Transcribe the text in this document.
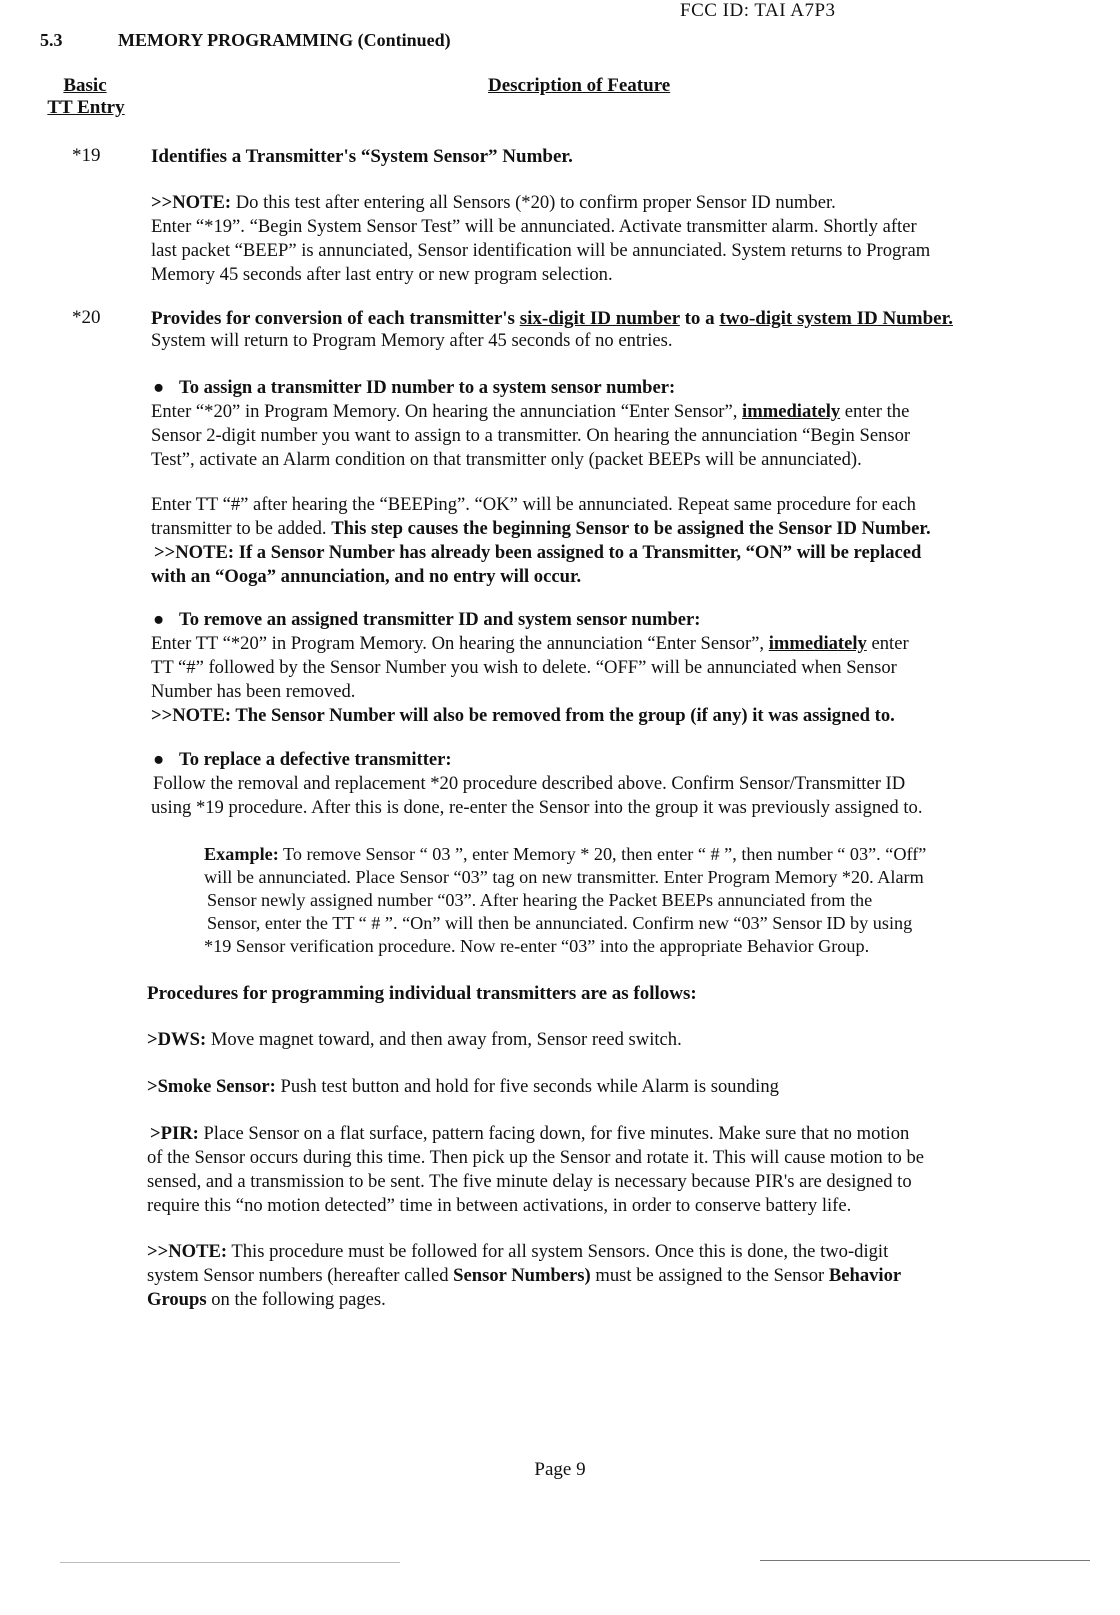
FCC ID: TAI A7P3
5.3	MEMORY PROGRAMMING (Continued)
Basic
TT Entry
Description of Feature
*19	Identifies a Transmitter's “System Sensor” Number.
>>NOTE: Do this test after entering all Sensors (*20) to confirm proper Sensor ID number.
Enter “*19”. “Begin System Sensor Test” will be annunciated. Activate transmitter alarm. Shortly after
last packet “BEEP” is annunciated, Sensor identification will be annunciated. System returns to Program
Memory 45 seconds after last entry or new program selection.
*20	Provides for conversion of each transmitter's six-digit ID number to a two-digit system ID Number.
System will return to Program Memory after 45 seconds of no entries.
● To assign a transmitter ID number to a system sensor number:
Enter “*20” in Program Memory. On hearing the annunciation “Enter Sensor”, immediately enter the
Sensor 2-digit number you want to assign to a transmitter. On hearing the annunciation “Begin Sensor
Test”, activate an Alarm condition on that transmitter only (packet BEEPs will be annunciated).
Enter TT “#” after hearing the “BEEPing”. “OK” will be annunciated. Repeat same procedure for each
transmitter to be added. This step causes the beginning Sensor to be assigned the Sensor ID Number.
>>NOTE: If a Sensor Number has already been assigned to a Transmitter, “ON” will be replaced
with an “Ooga” annunciation, and no entry will occur.
● To remove an assigned transmitter ID and system sensor number:
Enter TT “*20” in Program Memory. On hearing the annunciation “Enter Sensor”, immediately enter
TT “#” followed by the Sensor Number you wish to delete. “OFF” will be annunciated when Sensor
Number has been removed.
>>NOTE: The Sensor Number will also be removed from the group (if any) it was assigned to.
● To replace a defective transmitter:
Follow the removal and replacement *20 procedure described above. Confirm Sensor/Transmitter ID
using *19 procedure. After this is done, re-enter the Sensor into the group it was previously assigned to.
Example: To remove Sensor “ 03 ”, enter Memory * 20, then enter “ # ”, then number “ 03”. “Off”
will be annunciated. Place Sensor “03” tag on new transmitter. Enter Program Memory *20. Alarm
Sensor newly assigned number “03”. After hearing the Packet BEEPs annunciated from the
Sensor, enter the TT “ # ”. “On” will then be annunciated. Confirm new “03” Sensor ID by using
*19 Sensor verification procedure. Now re-enter “03” into the appropriate Behavior Group.
Procedures for programming individual transmitters are as follows:
>DWS: Move magnet toward, and then away from, Sensor reed switch.
>Smoke Sensor: Push test button and hold for five seconds while Alarm is sounding
>PIR: Place Sensor on a flat surface, pattern facing down, for five minutes. Make sure that no motion
of the Sensor occurs during this time. Then pick up the Sensor and rotate it. This will cause motion to be
sensed, and a transmission to be sent. The five minute delay is necessary because PIR's are designed to
require this “no motion detected” time in between activations, in order to conserve battery life.
>>NOTE: This procedure must be followed for all system Sensors. Once this is done, the two-digit
system Sensor numbers (hereafter called Sensor Numbers) must be assigned to the Sensor Behavior
Groups on the following pages.
Page 9
